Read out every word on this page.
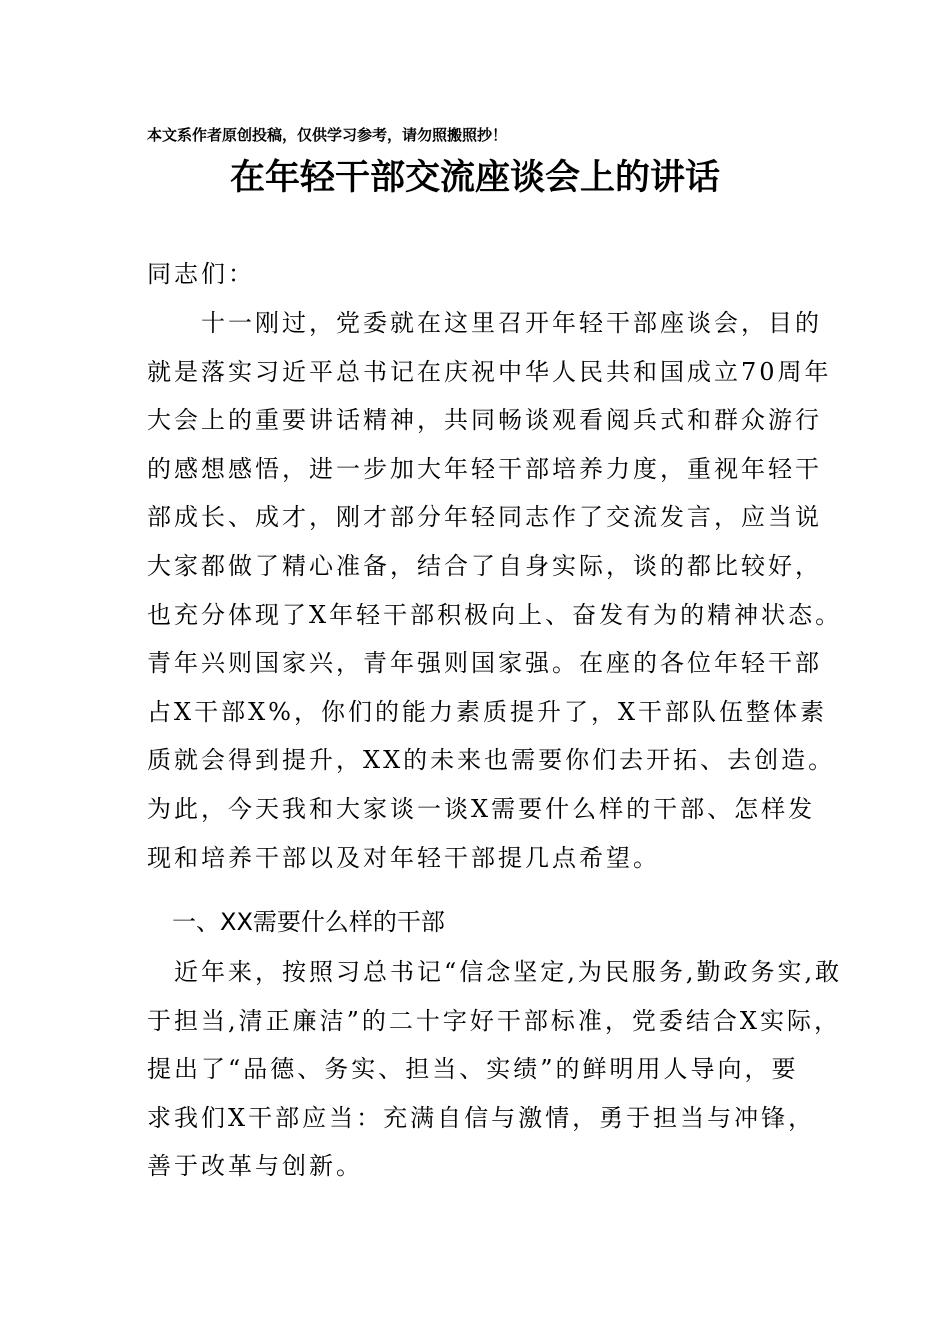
本文系作者原创投稿，仅供学习参考，请勿照搬照抄！
在年轻干部交流座谈会上的讲话
同志们：
　　十一刚过，党委就在这里召开年轻干部座谈会，目的
就是落实习近平总书记在庆祝中华人民共和国成立70周年
大会上的重要讲话精神，共同畅谈观看阅兵式和群众游行
的感想感悟，进一步加大年轻干部培养力度，重视年轻干
部成长、成才，刚才部分年轻同志作了交流发言，应当说
大家都做了精心准备，结合了自身实际，谈的都比较好，
也充分体现了X年轻干部积极向上、奋发有为的精神状态。
青年兴则国家兴，青年强则国家强。在座的各位年轻干部
占X干部X%，你们的能力素质提升了，X干部队伍整体素
质就会得到提升，XX的未来也需要你们去开拓、去创造。
为此，今天我和大家谈一谈X需要什么样的干部、怎样发
现和培养干部以及对年轻干部提几点希望。
一、XX需要什么样的干部
　近年来，按照习总书记“信念坚定,为民服务,勤政务实,敢
于担当,清正廉洁”的二十字好干部标准，党委结合X实际，
提出了“品德、务实、担当、实绩”的鲜明用人导向，要
求我们X干部应当：充满自信与激情，勇于担当与冲锋，
善于改革与创新。
